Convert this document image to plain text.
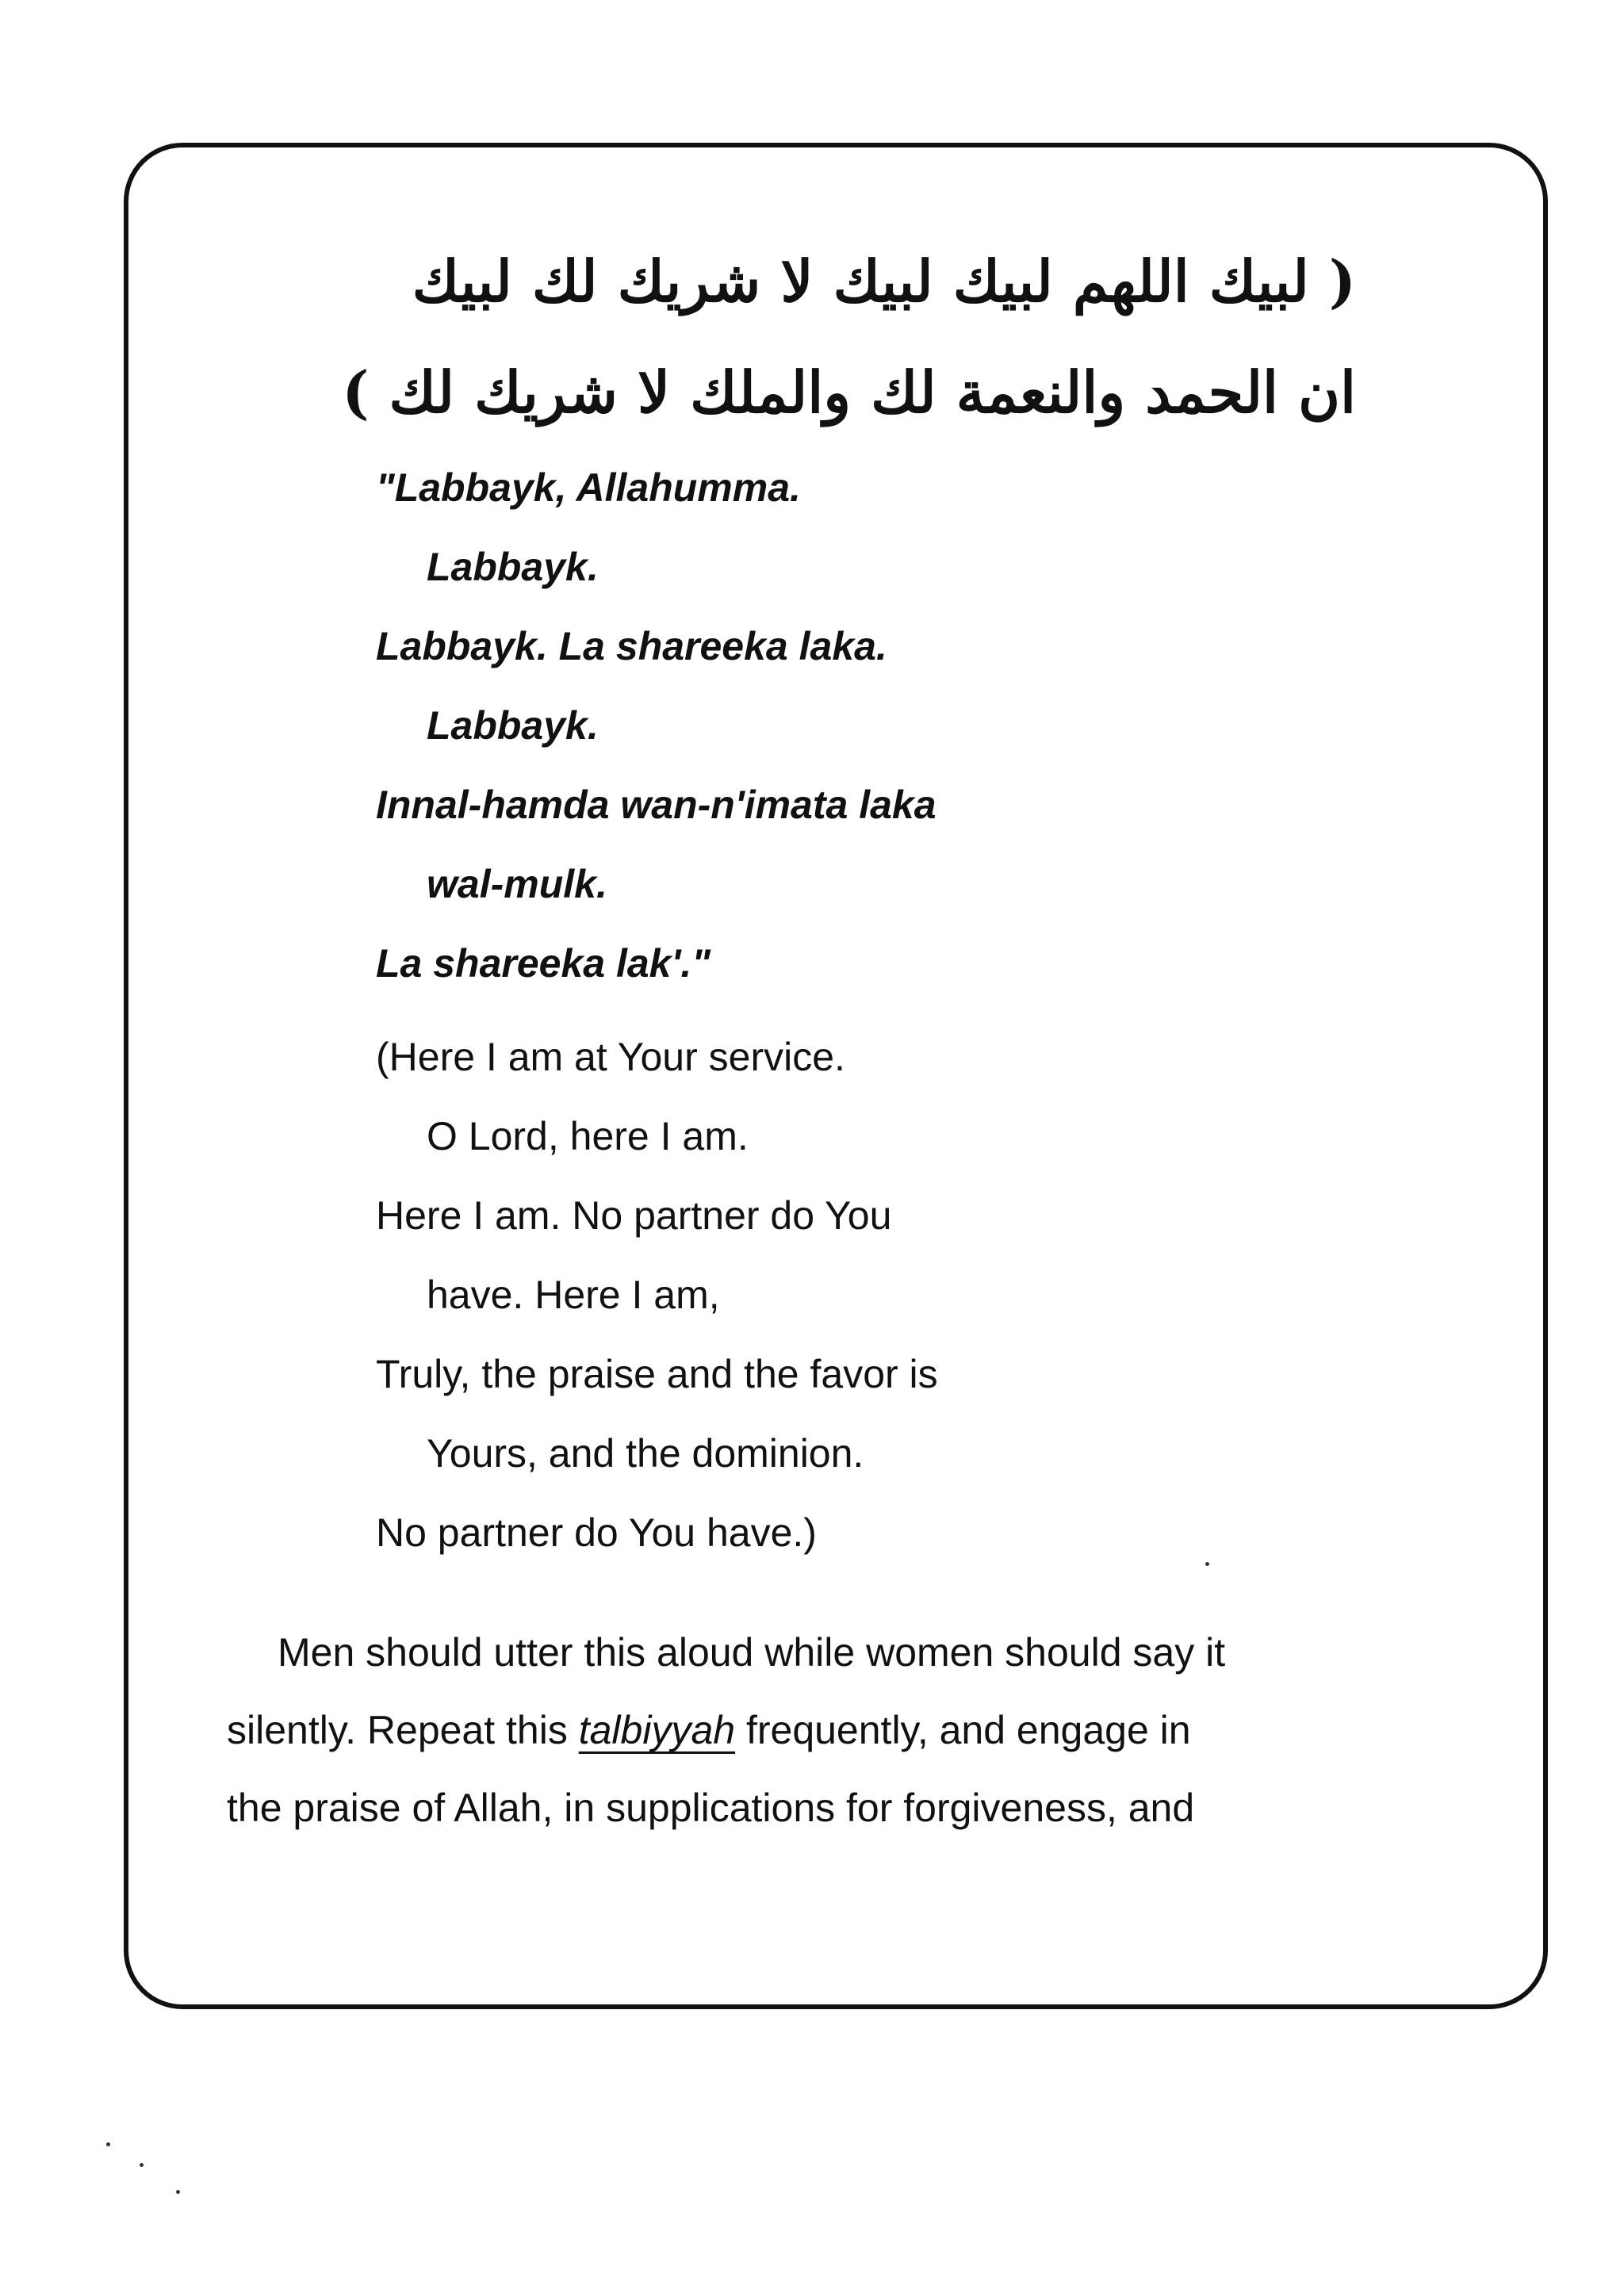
( لبيك اللهم لبيك لبيك لا شريك لك لبيك
ان الحمد والنعمة لك والملك لا شريك لك )
"Labbayk, Allahumma.
Labbayk.
Labbayk. La shareeka laka.
Labbayk.
Innal-hamda wan-n'imata laka
wal-mulk.
La shareeka lak'."
(Here I am at Your service.
O Lord, here I am.
Here I am. No partner do You
have. Here I am,
Truly, the praise and the favor is
Yours, and the dominion.
No partner do You have.)

Men should utter this aloud while women should say it
silently. Repeat this talbiyyah frequently, and engage in
the praise of Allah, in supplications for forgiveness, and
